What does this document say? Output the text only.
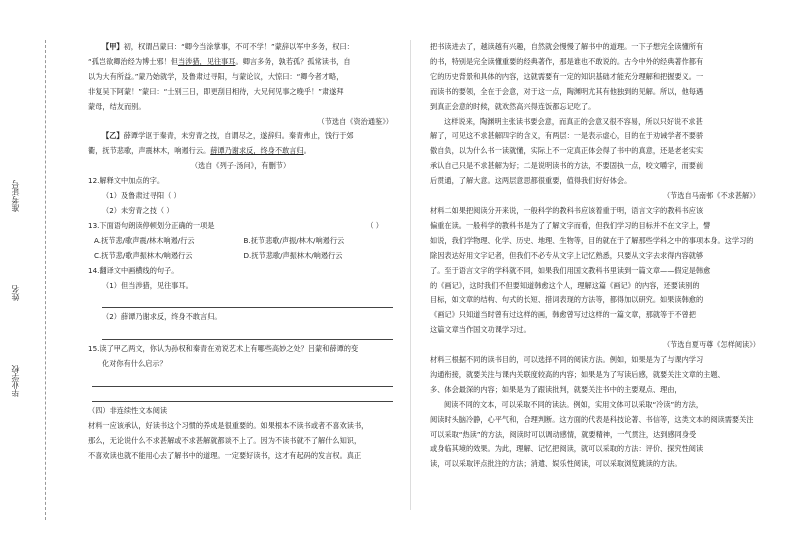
准考证号
姓名
毕业学校

【甲】初，权谓吕蒙曰：“卿今当涂掌事，不可不学！”蒙辞以军中多务，权曰：

“孤岂欲卿治经为博士邪！但当涉猎，见往事耳。卿言多务，孰若孤？孤常读书，自

以为大有所益。”蒙乃始就学，及鲁肃过寻阳，与蒙论议，大惊曰：“卿今者才略，

非复吴下阿蒙！”蒙曰：“士别三日，即更刮目相待，大兄何见事之晚乎！”肃遂拜

蒙母，结友而别。

（节选自《资治通鉴》）

【乙】薛谭学讴于秦青，未穷青之技，自谓尽之，遂辞归。秦青弗止，饯行于郊

衢，抚节悲歌，声震林木，响遏行云。薛谭乃谢求反，终身不敢言归。

（选自《列子·汤问》，有删节）

12.解释文中加点的字。

（1）及鲁肃过寻阳（ ）

（2）未穷青之技（ ）

13.下面语句朗读停顿划分正确的一项是	（ ）

A.抚节悲/歌声震/林木响遏/行云	B.抚节悲歌/声振/林木/响遏行云

C.抚节悲/歌声振林木/响遏行云	D.抚节悲歌/声振林木/响遏行云

14.翻译文中画横线的句子。

（1）但当涉猎，见往事耳。

（2）薛谭乃谢求反，终身不敢言归。

15.读了甲乙两文，你认为孙权和秦青在劝说艺术上有哪些高妙之处？吕蒙和薛谭的变

化对你有什么启示？

（四）非连续性文本阅读

材料一应该承认，好读书这个习惯的养成是很重要的。如果根本不读书或者不喜欢读书，

那么，无论说什么不求甚解或不求甚解就都谈不上了。因为不读书就不了解什么知识，

不喜欢读也就不能用心去了解书中的道理。一定要好读书，这才有起码的发言权。真正

把书读进去了，越读越有兴趣，自然就会慢慢了解书中的道理。一下子想完全读懂所有

的书，特别是完全读懂重要的经典著作，那是谁也不敢说的。古今中外的经典著作都有

它的历史背景和具体的内容，这就需要有一定的知识基础才能充分理解和把握要义。一

而读书的要领，全在于会意，对于这一点，陶渊明尤其有他独到的见解。所以，他每遇

到真正会意的时候，就欢然高兴得连饭都忘记吃了。

这样说来，陶渊明主张读书要会意，而真正的会意又很不容易，所以只好说不求甚

解了，可见这不求甚解四字的含义，有两层：一是表示虚心，目的在于劝诫学者不要骄

傲自负，以为什么书一读就懂，实际上不一定真正体会得了书中的真意，还是老老实实

承认自己只是不求甚解为好；二是说明读书的方法，不要固执一点，咬文嚼字，而要前

后贯通，了解大意。这两层意思都很重要，值得我们好好体会。

（节选自马南邨《不求甚解》）

材料二如果把阅读分开来说，一般科学的教科书应该着重于明，语言文字的教科书应该

偏重在读。一般科学的教科书是为了了解文字而看，但我们学习的目标并不在文字上，譬

如说，我们学物理、化学、历史、地理、生物等，目的就在于了解那些学科之中的事项本身。这学习的

除因表达好用文字记者，但我们不必专从文字上记忆熟悉，只要从文字去求得内容就够

了。至于语言文字的学科就不同，如果我们用国文教科书里读到一篇文章——假定是韩愈

的《画记》，这时我们不但要知道韩愈这个人，理解这篇《画记》的内容，还要读别的

目标，如文章的结构、句式的长短、措词表现的方法等，都得加以研究。如果读韩愈的

《画记》只知道当时曾有过这样的画，韩愈曾写过这样的一篇文章，那就等于不曾把

这篇文章当作国文功课学习过。

（节选自夏丏尊《怎样阅读》）

材料三根据不同的读书目的，可以选择不同的阅读方法。例如，如果是为了与课内学习

沟通衔接，就要关注与课内关联度较高的内容；如果是为了写读后感，就要关注文章的主题、

多、体会最深的内容；如果是为了跟读批判，就要关注书中的主要观点、理由，

阅读不同的文本，可以采取不同的读法。例如，实用文体可以采取“冷读”的方法，

阅读时头脑冷静，心平气和，合理判断。这方面的代表是科技论著、书信等，这类文本的阅读需要关注

可以采取“热读”的方法，阅读时可以调动感情，就要精神，一气贯注，达到感同身受

或身临其境的效果。为此，理解、记忆把阅读，就可以采取的方法：评价、探究性阅读

读，可以采取评点批注的方法；消遣、娱乐性阅读，可以采取浏览跳读的方法。
